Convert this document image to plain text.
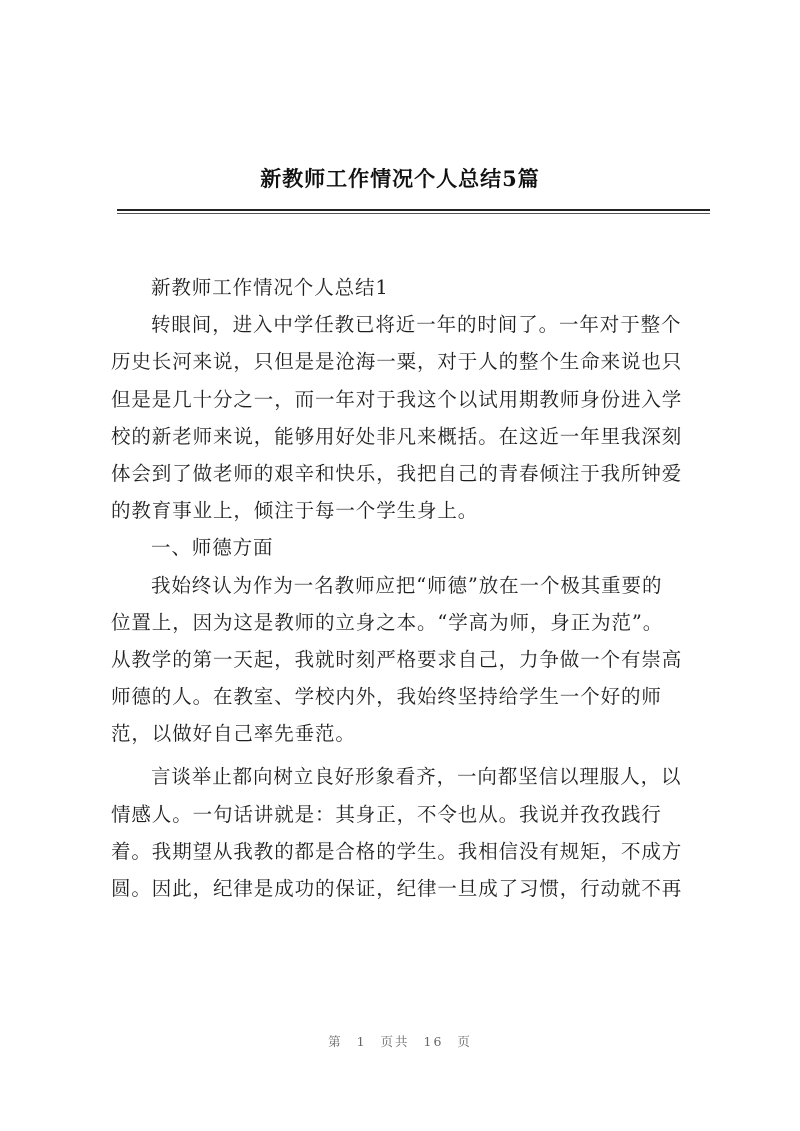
新教师工作情况个人总结5篇
新教师工作情况个人总结1
转眼间，进入中学任教已将近一年的时间了。一年对于整个
历史长河来说，只但是是沧海一粟，对于人的整个生命来说也只
但是是几十分之一，而一年对于我这个以试用期教师身份进入学
校的新老师来说，能够用好处非凡来概括。在这近一年里我深刻
体会到了做老师的艰辛和快乐，我把自己的青春倾注于我所钟爱
的教育事业上，倾注于每一个学生身上。
一、师德方面
我始终认为作为一名教师应把“师德”放在一个极其重要的
位置上，因为这是教师的立身之本。“学高为师，身正为范”。
从教学的第一天起，我就时刻严格要求自己，力争做一个有崇高
师德的人。在教室、学校内外，我始终坚持给学生一个好的师
范，以做好自己率先垂范。
言谈举止都向树立良好形象看齐，一向都坚信以理服人，以
情感人。一句话讲就是：其身正，不令也从。我说并孜孜践行
着。我期望从我教的都是合格的学生。我相信没有规矩，不成方
圆。因此，纪律是成功的保证，纪律一旦成了习惯，行动就不再
第 1 页共 16 页
